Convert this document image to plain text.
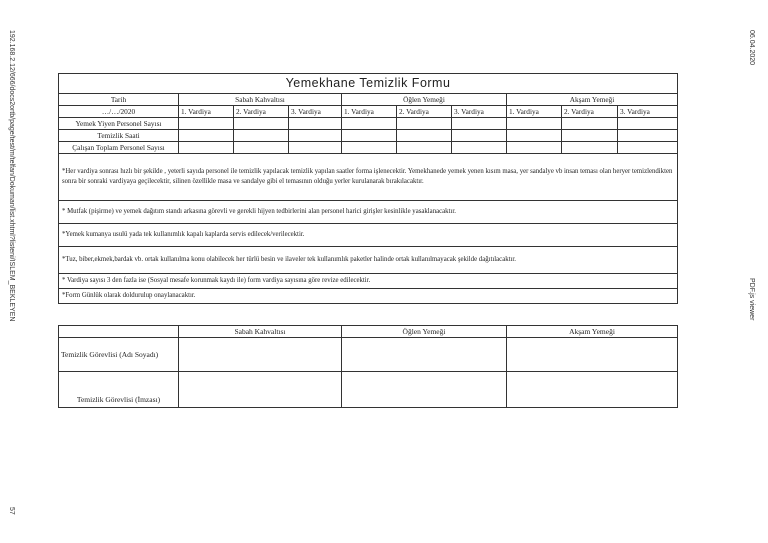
192.168.2.12/666/docs2ortb/page/test/m/telfan/Dokuman/list.xhtml?listeni/ISLEM_BEKLEYEN
57
06.04.2020
PDF.js viewer
Yemekhane Temizlik Formu									
Tarih	Sabah Kahvaltısı			Öğlen Yemeği			Akşam Yemeği		
…/…/2020	1. Vardiya	2. Vardiya	3. Vardiya	1. Vardiya	2. Vardiya	3. Vardiya	1. Vardiya	2. Vardiya	3. Vardiya
Yemek Yiyen Personel Sayısı									
Temizlik Saati									
Çalışan Toplam Personel Sayısı									
*Her vardiya sonrası hızlı bir şekilde , yeterli sayıda personel ile temizlik yapılacak temizlik yapılan saatler forma işlenecektir. Yemekhanede yemek yenen kısım masa, yer sandalye vb insan teması olan heryer temizlendikten sonra bir sonraki vardiyaya geçilecektir, silinen özellikle masa ve sandalye gibi el temasının olduğu yerler kurulanarak bırakılacaktır.									
* Mutfak (pişirme) ve yemek dağıtım standı arkasına görevli ve gerekli hijyen tedbirlerini alan personel harici girişler kesinlikle yasaklanacaktır.									
*Yemek kumanya usulü yada tek kullanımlık kapalı kaplarda servis edilecek/verilecektir.									
*Tuz, biber,ekmek,bardak vb. ortak kullanılma konu olabilecek her türlü besin ve ilaveler tek kullanımlık paketler halinde ortak kullanılmayacak şekilde dağıtılacaktır.									
* Vardiya sayısı 3 den fazla ise (Sosyal mesafe korunmak kaydı ile) form vardiya sayısına göre revize edilecektir.									
*Form Günlük olarak doldurulup onaylanacaktır.									
	Sabah Kahvaltısı	Öğlen Yemeği	Akşam Yemeği
Temizlik Görevlisi (Adı Soyadı)			
Temizlik Görevlisi (İmzası)			
